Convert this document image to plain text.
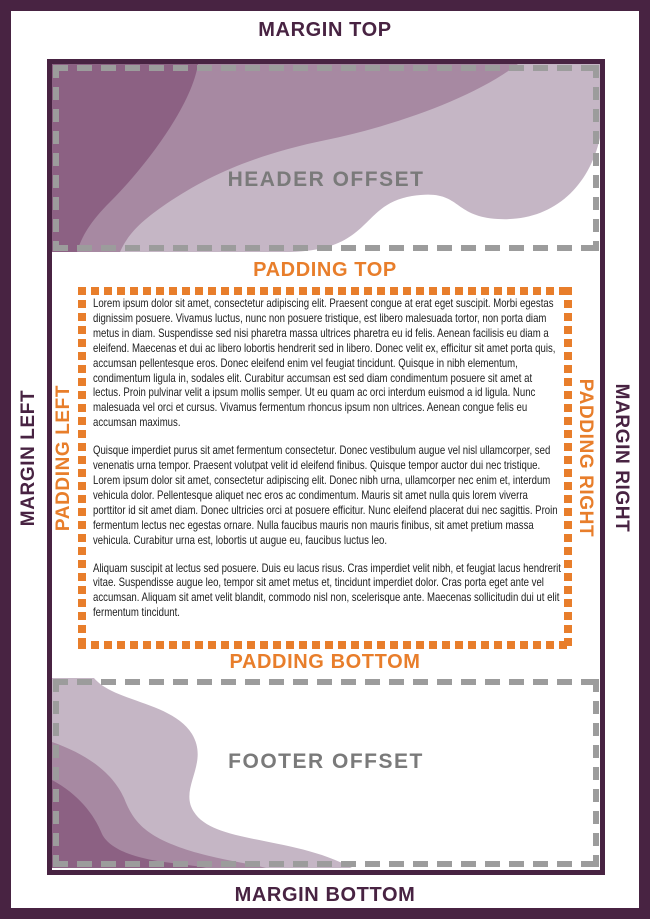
MARGIN TOP
MARGIN BOTTOM
MARGIN LEFT	MARGIN RIGHT
HEADER OFFSET
PADDING TOP
PADDING BOTTOM
PADDING LEFT	PADDING RIGHT

Lorem ipsum dolor sit amet, consectetur adipiscing elit. Praesent congue at erat eget suscipit. Morbi egestas dignissim posuere. Vivamus luctus, nunc non posuere tristique, est libero malesuada tortor, non porta diam metus in diam. Suspendisse sed nisi pharetra massa ultrices pharetra eu id felis. Aenean facilisis eu diam a eleifend. Maecenas et dui ac libero lobortis hendrerit sed in libero. Donec velit ex, efficitur sit amet porta quis, accumsan pellentesque eros. Donec eleifend enim vel feugiat tincidunt. Quisque in nibh elementum, condimentum ligula in, sodales elit. Curabitur accumsan est sed diam condimentum posuere sit amet at lectus. Proin pulvinar velit a ipsum mollis semper. Ut eu quam ac orci interdum euismod a id ligula. Nunc malesuada vel orci et cursus. Vivamus fermentum rhoncus ipsum non ultrices. Aenean congue felis eu accumsan maximus.

Quisque imperdiet purus sit amet fermentum consectetur. Donec vestibulum augue vel nisl ullamcorper, sed venenatis urna tempor. Praesent volutpat velit id eleifend finibus. Quisque tempor auctor dui nec tristique. Lorem ipsum dolor sit amet, consectetur adipiscing elit. Donec nibh urna, ullamcorper nec enim et, interdum vehicula dolor. Pellentesque aliquet nec eros ac condimentum. Mauris sit amet nulla quis lorem viverra porttitor id sit amet diam. Donec ultricies orci at posuere efficitur. Nunc eleifend placerat dui nec sagittis. Proin fermentum lectus nec egestas ornare. Nulla faucibus mauris non mauris finibus, sit amet pretium massa vehicula. Curabitur urna est, lobortis ut augue eu, faucibus luctus leo.

Aliquam suscipit at lectus sed posuere. Duis eu lacus risus. Cras imperdiet velit nibh, et feugiat lacus hendrerit vitae. Suspendisse augue leo, tempor sit amet metus et, tincidunt imperdiet dolor. Cras porta eget ante vel accumsan. Aliquam sit amet velit blandit, commodo nisl non, scelerisque ante. Maecenas sollicitudin dui ut elit fermentum tincidunt.

FOOTER OFFSET
